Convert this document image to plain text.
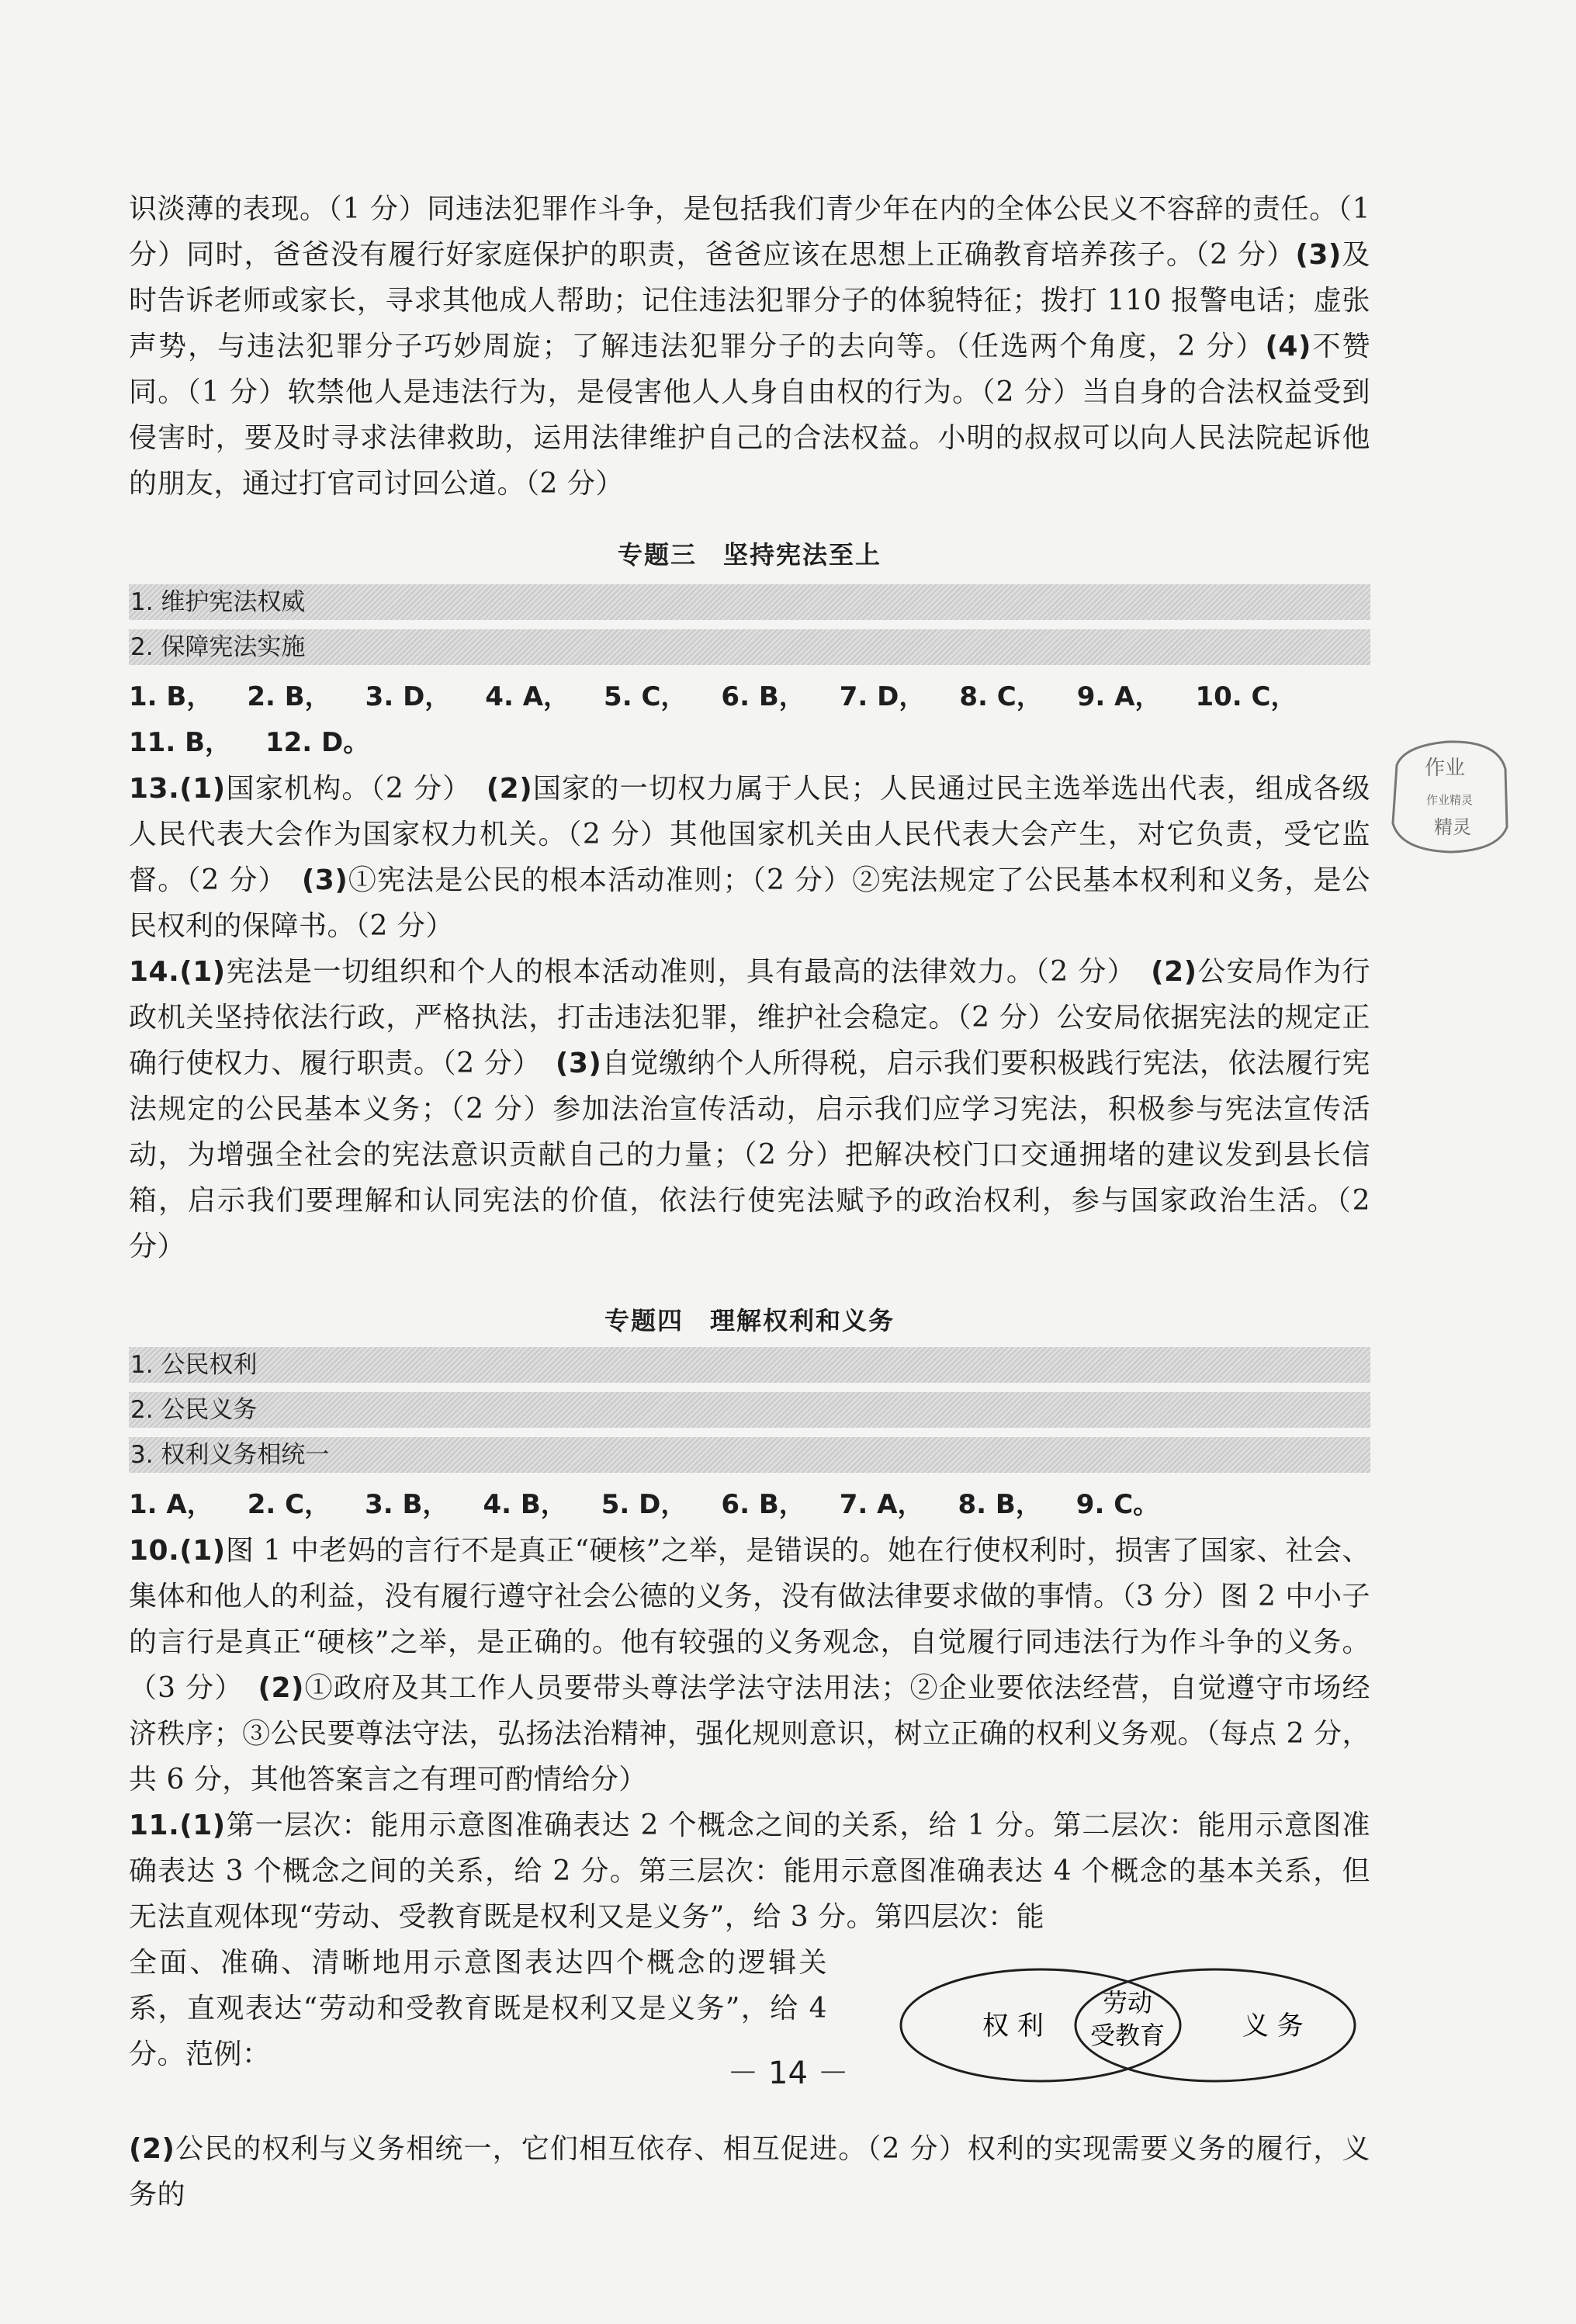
识淡薄的表现。（1 分）同违法犯罪作斗争，是包括我们青少年在内的全体公民义不容辞的责任。（1 分）同时，爸爸没有履行好家庭保护的职责，爸爸应该在思想上正确教育培养孩子。（2 分）(3)及时告诉老师或家长，寻求其他成人帮助；记住违法犯罪分子的体貌特征；拨打 110 报警电话；虚张声势，与违法犯罪分子巧妙周旋；了解违法犯罪分子的去向等。（任选两个角度，2 分）(4)不赞同。（1 分）软禁他人是违法行为，是侵害他人人身自由权的行为。（2 分）当自身的合法权益受到侵害时，要及时寻求法律救助，运用法律维护自己的合法权益。小明的叔叔可以向人民法院起诉他的朋友，通过打官司讨回公道。（2 分）

专题三　坚持宪法至上
1. 维护宪法权威
2. 保障宪法实施

1. B， 2. B， 3. D， 4. A， 5. C， 6. B， 7. D， 8. C， 9. A， 10. C，11. B， 12. D。

13.(1)国家机构。（2 分）　 (2)国家的一切权力属于人民；人民通过民主选举选出代表，组成各级人民代表大会作为国家权力机关。（2 分）其他国家机关由人民代表大会产生，对它负责，受它监督。（2 分）　 (3)①宪法是公民的根本活动准则；（2 分）②宪法规定了公民基本权利和义务，是公民权利的保障书。（2 分）

14.(1)宪法是一切组织和个人的根本活动准则，具有最高的法律效力。（2 分）　 (2)公安局作为行政机关坚持依法行政，严格执法，打击违法犯罪，维护社会稳定。（2 分）公安局依据宪法的规定正确行使权力、履行职责。（2 分）　 (3)自觉缴纳个人所得税，启示我们要积极践行宪法，依法履行宪法规定的公民基本义务；（2 分）参加法治宣传活动，启示我们应学习宪法，积极参与宪法宣传活动，为增强全社会的宪法意识贡献自己的力量；（2 分）把解决校门口交通拥堵的建议发到县长信箱，启示我们要理解和认同宪法的价值，依法行使宪法赋予的政治权利，参与国家政治生活。（2 分）

专题四　理解权利和义务
1. 公民权利
2. 公民义务
3. 权利义务相统一

1. A， 2. C， 3. B， 4. B， 5. D， 6. B， 7. A， 8. B， 9. C。

10.(1)图 1 中老妈的言行不是真正“硬核”之举，是错误的。她在行使权利时，损害了国家、社会、集体和他人的利益，没有履行遵守社会公德的义务，没有做法律要求做的事情。（3 分）图 2 中小子的言行是真正“硬核”之举，是正确的。他有较强的义务观念，自觉履行同违法行为作斗争的义务。（3 分）　 (2)①政府及其工作人员要带头尊法学法守法用法；②企业要依法经营，自觉遵守市场经济秩序；③公民要尊法守法，弘扬法治精神，强化规则意识，树立正确的权利义务观。（每点 2 分，共 6 分，其他答案言之有理可酌情给分）

11.(1)第一层次：能用示意图准确表达 2 个概念之间的关系，给 1 分。第二层次：能用示意图准确表达 3 个概念之间的关系，给 2 分。第三层次：能用示意图准确表达 4 个概念的基本关系，但无法直观体现“劳动、受教育既是权利又是义务”，给 3 分。第四层次：能

全面、准确、清晰地用示意图表达四个概念的逻辑关系，直观表达“劳动和受教育既是权利又是义务”，给 4 分。范例：

权 利	义 务
劳动
受教育

(2)公民的权利与义务相统一，它们相互依存、相互促进。（2 分）权利的实现需要义务的履行，义务的

作业
作业精灵
精灵
－ 14 －
